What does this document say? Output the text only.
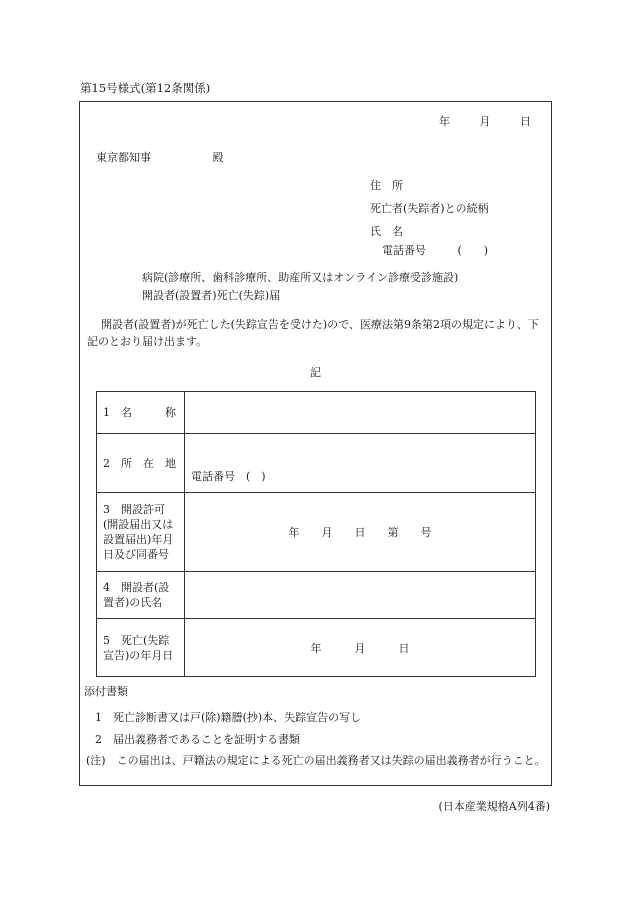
第15号様式(第12条関係)
年	月	日
東京都知事	殿
住　所
死亡者(失踪者)との続柄
氏　名
電話番号	(　　)
病院(診療所、歯科診療所、助産所又はオンライン診療受診施設)
開設者(設置者)死亡(失踪)届
開設者(設置者)が死亡した(失踪宣告を受けた)ので、医療法第9条第2項の規定により、下記のとおり届け出ます。
記
1　名　　　称	
2　所　在　地	電話番号　(　)
3　開設許可(開設届出又は設置届出)年月日及び同番号	年　　月　　日　　第　　号
4　開設者(設置者)の氏名	
5　死亡(失踪宣告)の年月日	年　　　月　　　日
添付書類
1　死亡診断書又は戸(除)籍謄(抄)本、失踪宣告の写し
2　届出義務者であることを証明する書類
(注)　この届出は、戸籍法の規定による死亡の届出義務者又は失踪の届出義務者が行うこと。
(日本産業規格A列4番)
